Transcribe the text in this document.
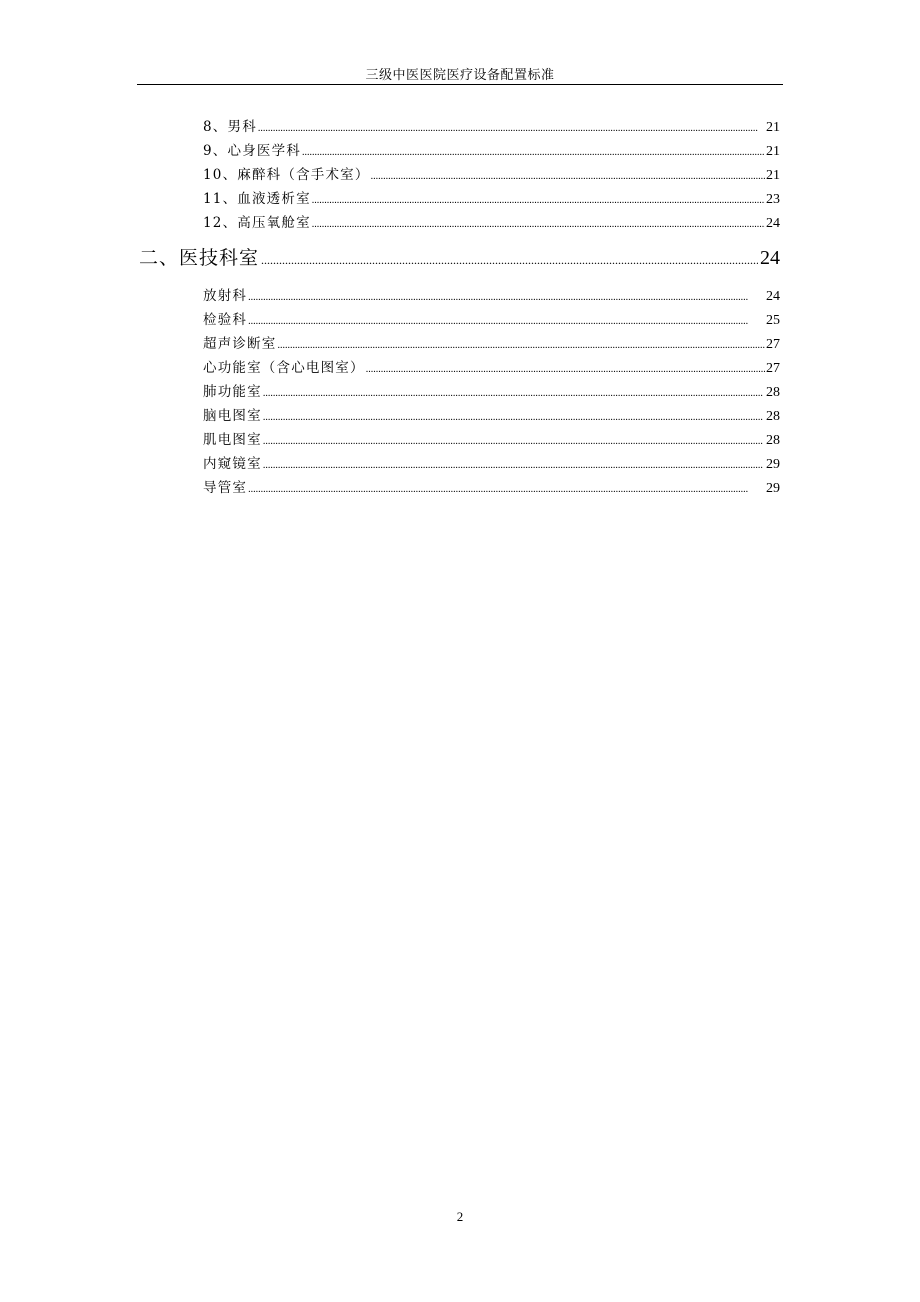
三级中医医院医疗设备配置标准
8、男科 .....	21
9、心身医学科 .....	21
10、麻醉科（含手术室） .....	21
11、血液透析室 .....	23
12、高压氧舱室 .....	24
二、医技科室 .....	24
放射科 .....	24
检验科 .....	25
超声诊断室 .....	27
心功能室（含心电图室） .....	27
肺功能室 .....	28
脑电图室 .....	28
肌电图室 .....	28
内窥镜室 .....	29
导管室 .....	29
2
